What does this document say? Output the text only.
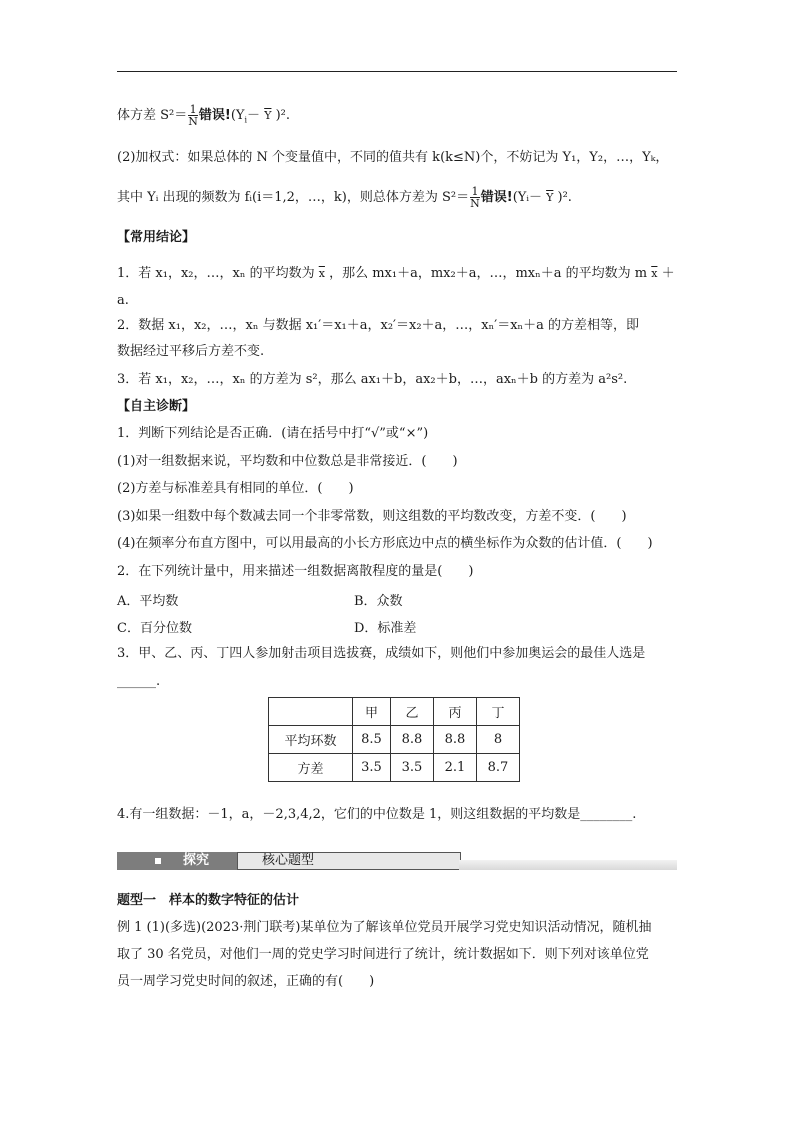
体方差 $S^2= \frac{1}{N}$ 错误$!(Y_i- \overline{Y}$ )².
(2)加权式：如果总体的 N 个变量值中，不同的值共有 k(k≤N)个，不妨记为 Y₁，Y₂，…，Yₖ，
其中 Yᵢ 出现的频数为 fᵢ(i＝1,2，…，k)，则总体方差为 $S^2= \frac{1}{N}$ 错误!(Yᵢ－ $\overline{Y}$ )².
【常用结论】
1．若 x₁，x₂，…，xₙ 的平均数为 $\overline{x}$ ，那么 mx₁＋a，mx₂＋a，…，mxₙ＋a 的平均数为 m $\overline{x}$ ＋
a.
2．数据 x₁，x₂，…，xₙ 与数据 x₁′＝x₁＋a，x₂′＝x₂＋a，…，xₙ′＝xₙ＋a 的方差相等，即
数据经过平移后方差不变.
3．若 x₁，x₂，…，xₙ 的方差为 s²，那么 ax₁＋b，ax₂＋b，…，axₙ＋b 的方差为 a²s².
【自主诊断】
1．判断下列结论是否正确．(请在括号中打“√”或“×”)
(1)对一组数据来说，平均数和中位数总是非常接近．(　　)
(2)方差与标准差具有相同的单位．(　　)
(3)如果一组数中每个数减去同一个非零常数，则这组数的平均数改变，方差不变．(　　)
(4)在频率分布直方图中，可以用最高的小长方形底边中点的横坐标作为众数的估计值．(　　)
2．在下列统计量中，用来描述一组数据离散程度的量是(　　)
A．平均数	B．众数
C．百分位数	D．标准差
3．甲、乙、丙、丁四人参加射击项目选拔赛，成绩如下，则他们中参加奥运会的最佳人选是
______.
	甲	乙	丙	丁
平均环数	8.5	8.8	8.8	8
方差	3.5	3.5	2.1	8.7
4.有一组数据：－1，a，－2,3,4,2，它们的中位数是 1，则这组数据的平均数是________.
探究	核心题型
题型一　样本的数字特征的估计
例 1 (1)(多选)(2023·荆门联考)某单位为了解该单位党员开展学习党史知识活动情况，随机抽
取了 30 名党员，对他们一周的党史学习时间进行了统计，统计数据如下．则下列对该单位党
员一周学习党史时间的叙述，正确的有(　　)
